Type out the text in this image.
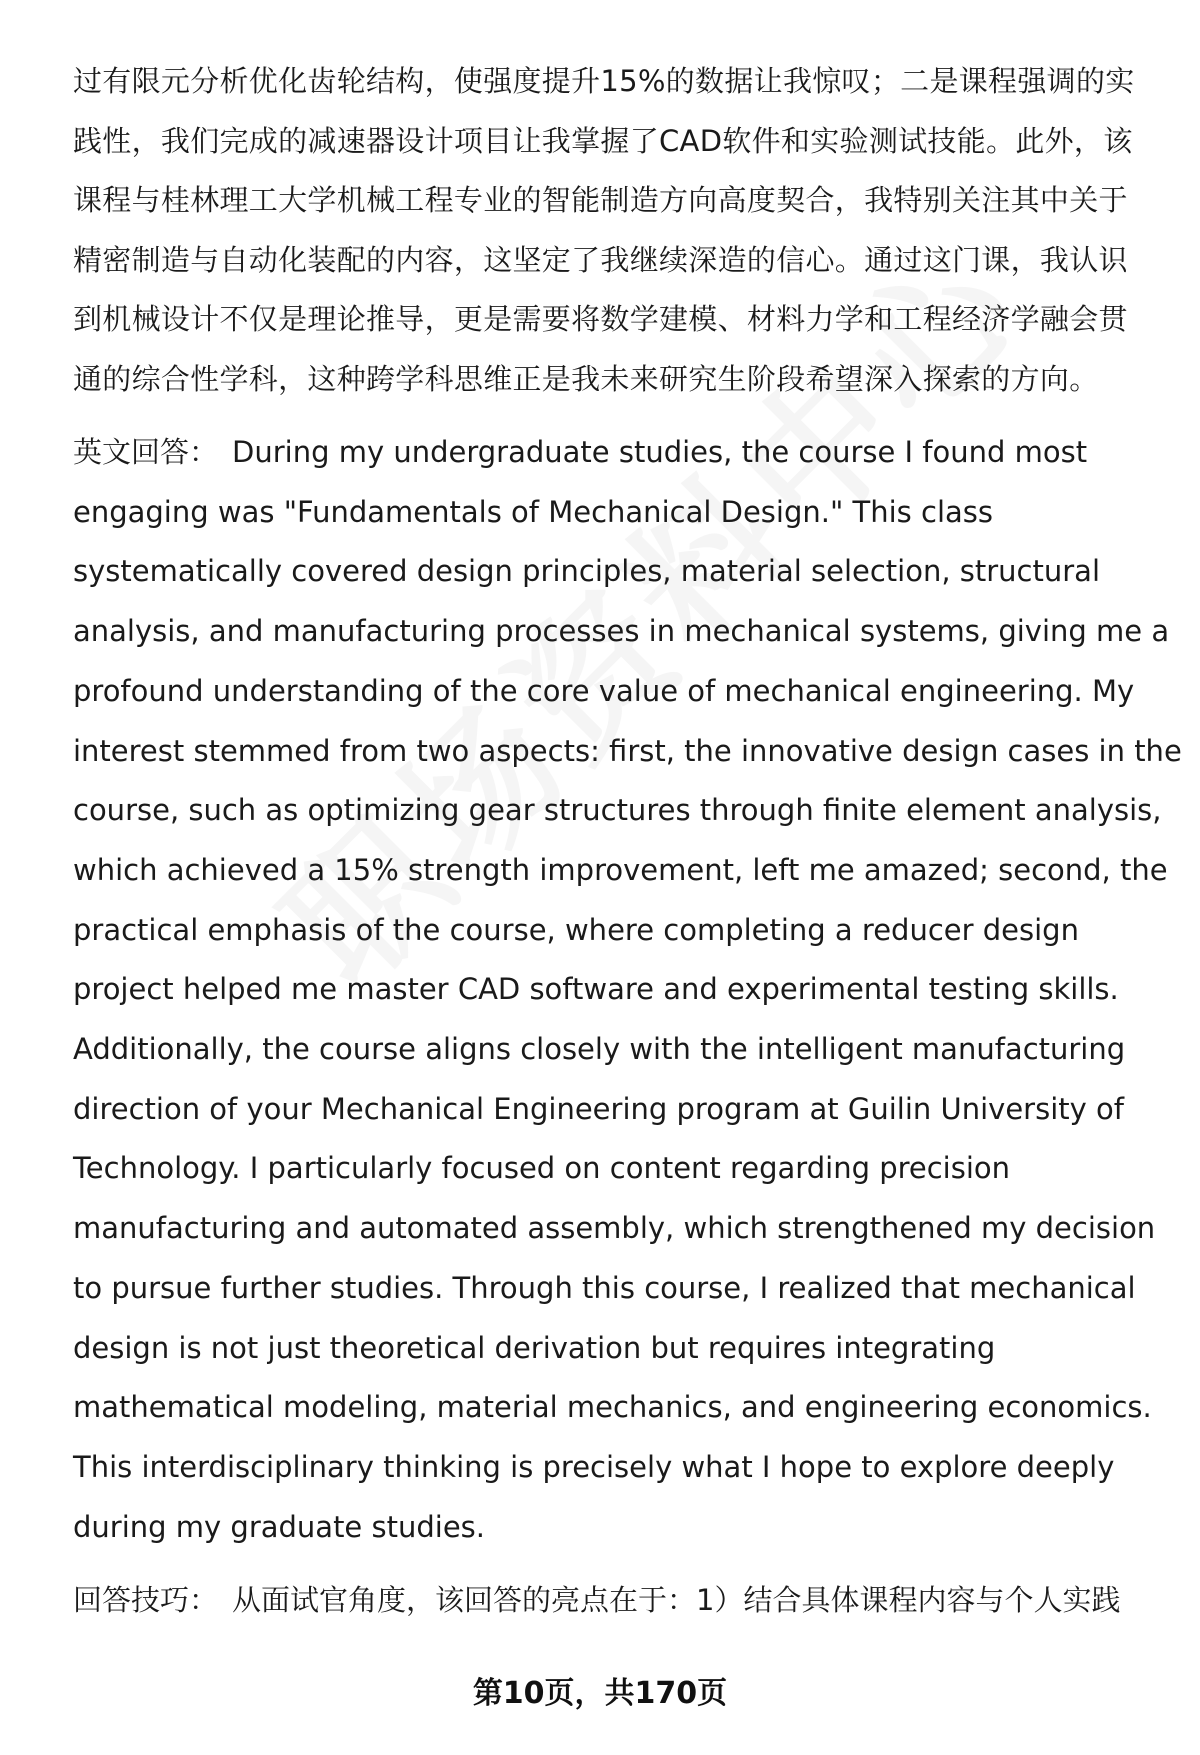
过有限元分析优化齿轮结构，使强度提升15%的数据让我惊叹；二是课程强调的实
践性，我们完成的减速器设计项目让我掌握了CAD软件和实验测试技能。此外，该
课程与桂林理工大学机械工程专业的智能制造方向高度契合，我特别关注其中关于
精密制造与自动化装配的内容，这坚定了我继续深造的信心。通过这门课，我认识
到机械设计不仅是理论推导，更是需要将数学建模、材料力学和工程经济学融会贯
通的综合性学科，这种跨学科思维正是我未来研究生阶段希望深入探索的方向。

英文回答： During my undergraduate studies, the course I found most
engaging was "Fundamentals of Mechanical Design." This class
systematically covered design principles, material selection, structural
analysis, and manufacturing processes in mechanical systems, giving me a
profound understanding of the core value of mechanical engineering. My
interest stemmed from two aspects: first, the innovative design cases in the
course, such as optimizing gear structures through finite element analysis,
which achieved a 15% strength improvement, left me amazed; second, the
practical emphasis of the course, where completing a reducer design
project helped me master CAD software and experimental testing skills.
Additionally, the course aligns closely with the intelligent manufacturing
direction of your Mechanical Engineering program at Guilin University of
Technology. I particularly focused on content regarding precision
manufacturing and automated assembly, which strengthened my decision
to pursue further studies. Through this course, I realized that mechanical
design is not just theoretical derivation but requires integrating
mathematical modeling, material mechanics, and engineering economics.
This interdisciplinary thinking is precisely what I hope to explore deeply
during my graduate studies.
回答技巧： 从面试官角度，该回答的亮点在于：1）结合具体课程内容与个人实践
第10页，共170页
